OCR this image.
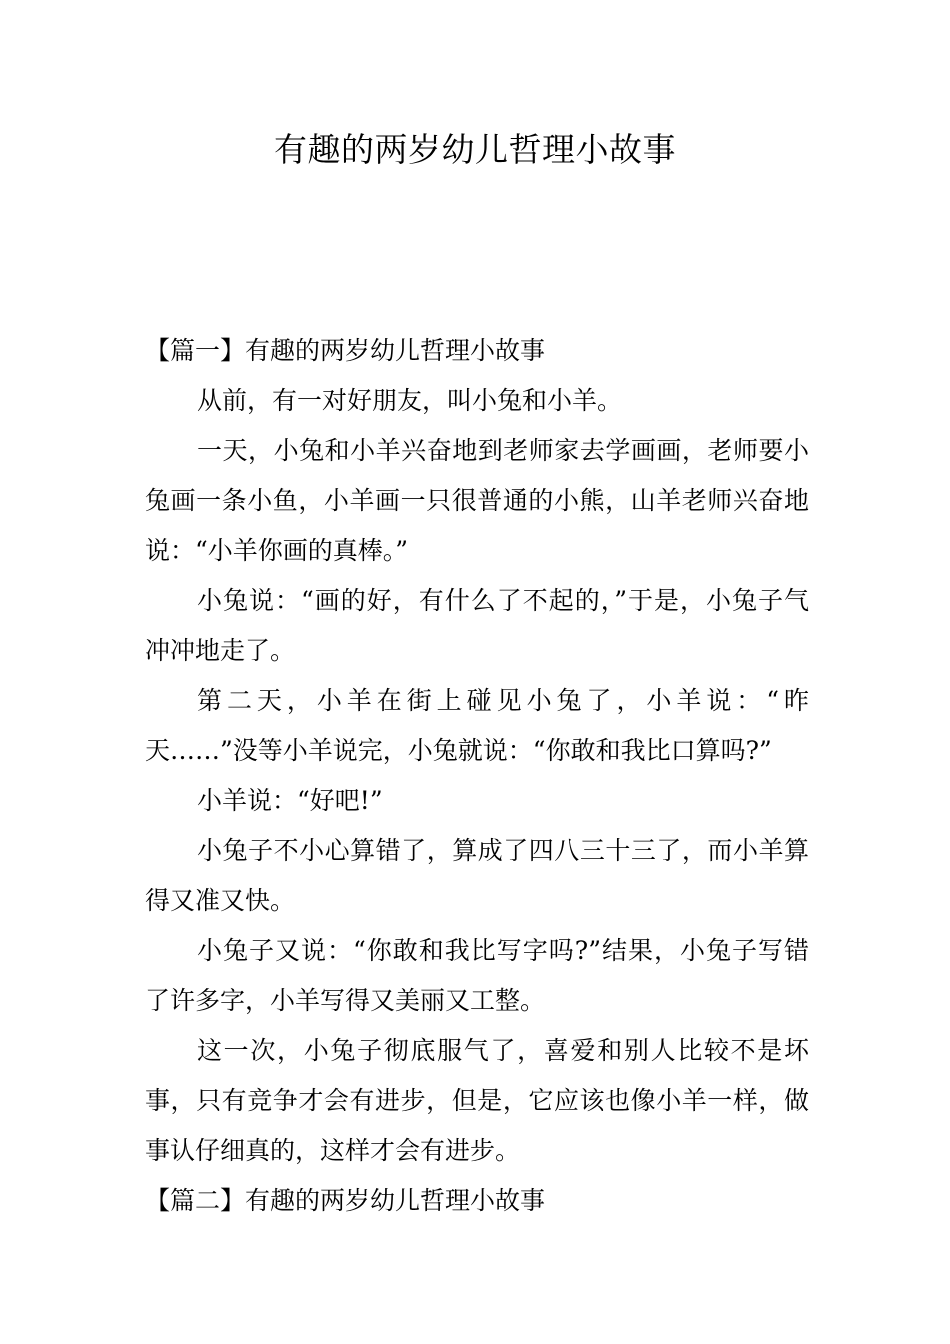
有趣的两岁幼儿哲理小故事

【篇一】有趣的两岁幼儿哲理小故事

从前，有一对好朋友，叫小兔和小羊。

一天，小兔和小羊兴奋地到老师家去学画画，老师要小兔画一条小鱼，小羊画一只很普通的小熊，山羊老师兴奋地说：“小羊你画的真棒。”

小兔说：“画的好，有什么了不起的，”于是，小兔子气冲冲地走了。

第二天，小羊在街上碰见小兔了，小羊说：“昨天……”没等小羊说完，小兔就说：“你敢和我比口算吗?”

小羊说：“好吧!”

小兔子不小心算错了，算成了四八三十三了，而小羊算得又准又快。

小兔子又说：“你敢和我比写字吗?”结果，小兔子写错了许多字，小羊写得又美丽又工整。

这一次，小兔子彻底服气了，喜爱和别人比较不是坏事，只有竞争才会有进步，但是，它应该也像小羊一样，做事认仔细真的，这样才会有进步。

【篇二】有趣的两岁幼儿哲理小故事
